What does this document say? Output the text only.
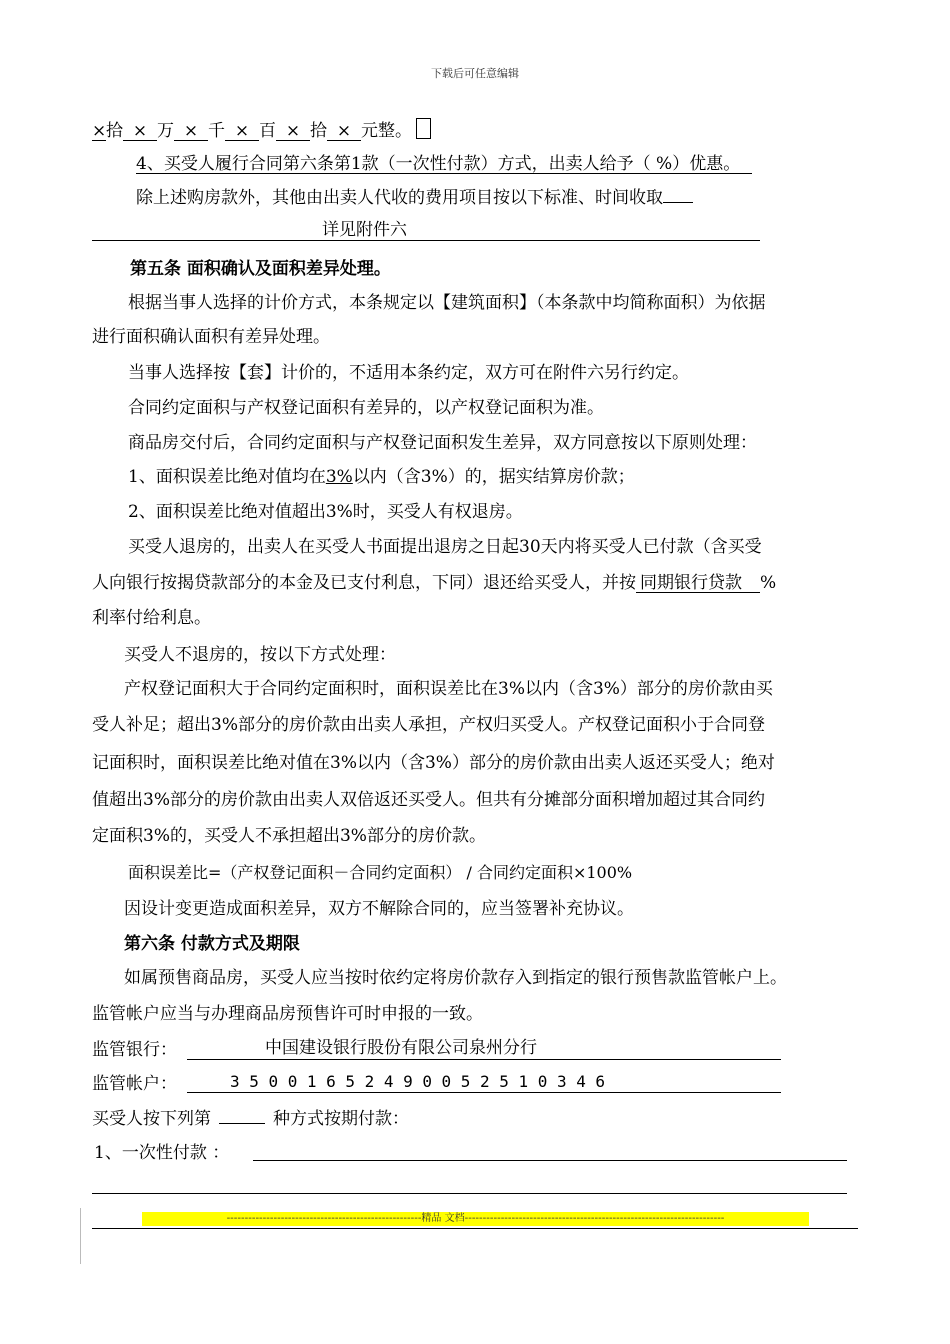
下载后可任意编辑
×拾 × 万 × 千 × 百 × 拾 × 元整。
4、买受人履行合同第六条第1款（一次性付款）方式，出卖人给予（ %）优惠。
除上述购房款外，其他由出卖人代收的费用项目按以下标准、时间收取
详见附件六
第五条 面积确认及面积差异处理。
根据当事人选择的计价方式，本条规定以【建筑面积】（本条款中均简称面积）为依据
进行面积确认面积有差异处理。
当事人选择按【套】计价的，不适用本条约定，双方可在附件六另行约定。
合同约定面积与产权登记面积有差异的，以产权登记面积为准。
商品房交付后，合同约定面积与产权登记面积发生差异，双方同意按以下原则处理：
1、面积误差比绝对值均在3%以内（含3%）的，据实结算房价款；
2、面积误差比绝对值超出3%时，买受人有权退房。
买受人退房的，出卖人在买受人书面提出退房之日起30天内将买受人已付款（含买受
人向银行按揭贷款部分的本金及已支付利息，下同）退还给买受人，并按 同期银行贷款 %
利率付给利息。
买受人不退房的，按以下方式处理：
产权登记面积大于合同约定面积时，面积误差比在3%以内（含3%）部分的房价款由买
受人补足；超出3%部分的房价款由出卖人承担，产权归买受人。产权登记面积小于合同登
记面积时，面积误差比绝对值在3%以内（含3%）部分的房价款由出卖人返还买受人；绝对
值超出3%部分的房价款由出卖人双倍返还买受人。但共有分摊部分面积增加超过其合同约
定面积3%的，买受人不承担超出3%部分的房价款。
面积误差比=（产权登记面积－合同约定面积） / 合同约定面积×100%
因设计变更造成面积差异，双方不解除合同的，应当签署补充协议。
第六条 付款方式及期限
如属预售商品房，买受人应当按时依约定将房价款存入到指定的银行预售款监管帐户上。
监管帐户应当与办理商品房预售许可时申报的一致。
监管银行：	中国建设银行股份有限公司泉州分行
监管帐户：	35001652490052510346
买受人按下列第	种方式按期付款：
1、一次性付款 ：
------------------------------------------------------精品 文档------------------------------------------------------------------------
